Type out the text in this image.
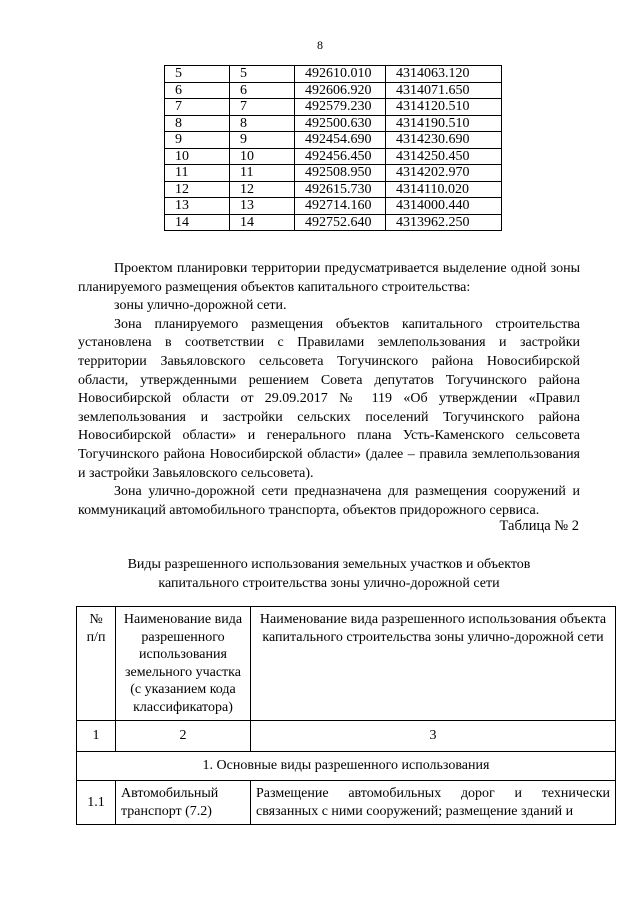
8
5	5	492610.010	4314063.120
6	6	492606.920	4314071.650
7	7	492579.230	4314120.510
8	8	492500.630	4314190.510
9	9	492454.690	4314230.690
10	10	492456.450	4314250.450
11	11	492508.950	4314202.970
12	12	492615.730	4314110.020
13	13	492714.160	4314000.440
14	14	492752.640	4313962.250

Проектом планировки территории предусматривается выделение одной зоны планируемого размещения объектов капитального строительства:

зоны улично-дорожной сети.

Зона планируемого размещения объектов капитального строительства установлена в соответствии с Правилами землепользования и застройки территории Завьяловского сельсовета Тогучинского района Новосибирской области, утвержденными решением Совета депутатов Тогучинского района Новосибирской области от 29.09.2017 № 119 «Об утверждении «Правил землепользования и застройки сельских поселений Тогучинского района Новосибирской области» и генерального плана Усть-Каменского сельсовета Тогучинского района Новосибирской области» (далее – правила землепользования и застройки Завьяловского сельсовета).

Зона улично-дорожной сети предназначена для размещения сооружений и коммуникаций автомобильного транспорта, объектов придорожного сервиса.

Таблица № 2
Виды разрешенного использования земельных участков и объектов
капитального строительства зоны улично-дорожной сети
№ п/п	Наименование вида разрешенного использования земельного участка (с указанием кода классификатора)	Наименование вида разрешенного использования объекта капитального строительства зоны улично-дорожной сети
1	2	3
1. Основные виды разрешенного использования		
1.1	Автомобильный транспорт (7.2)	Размещение автомобильных дорог и технически связанных с ними сооружений; размещение зданий и
